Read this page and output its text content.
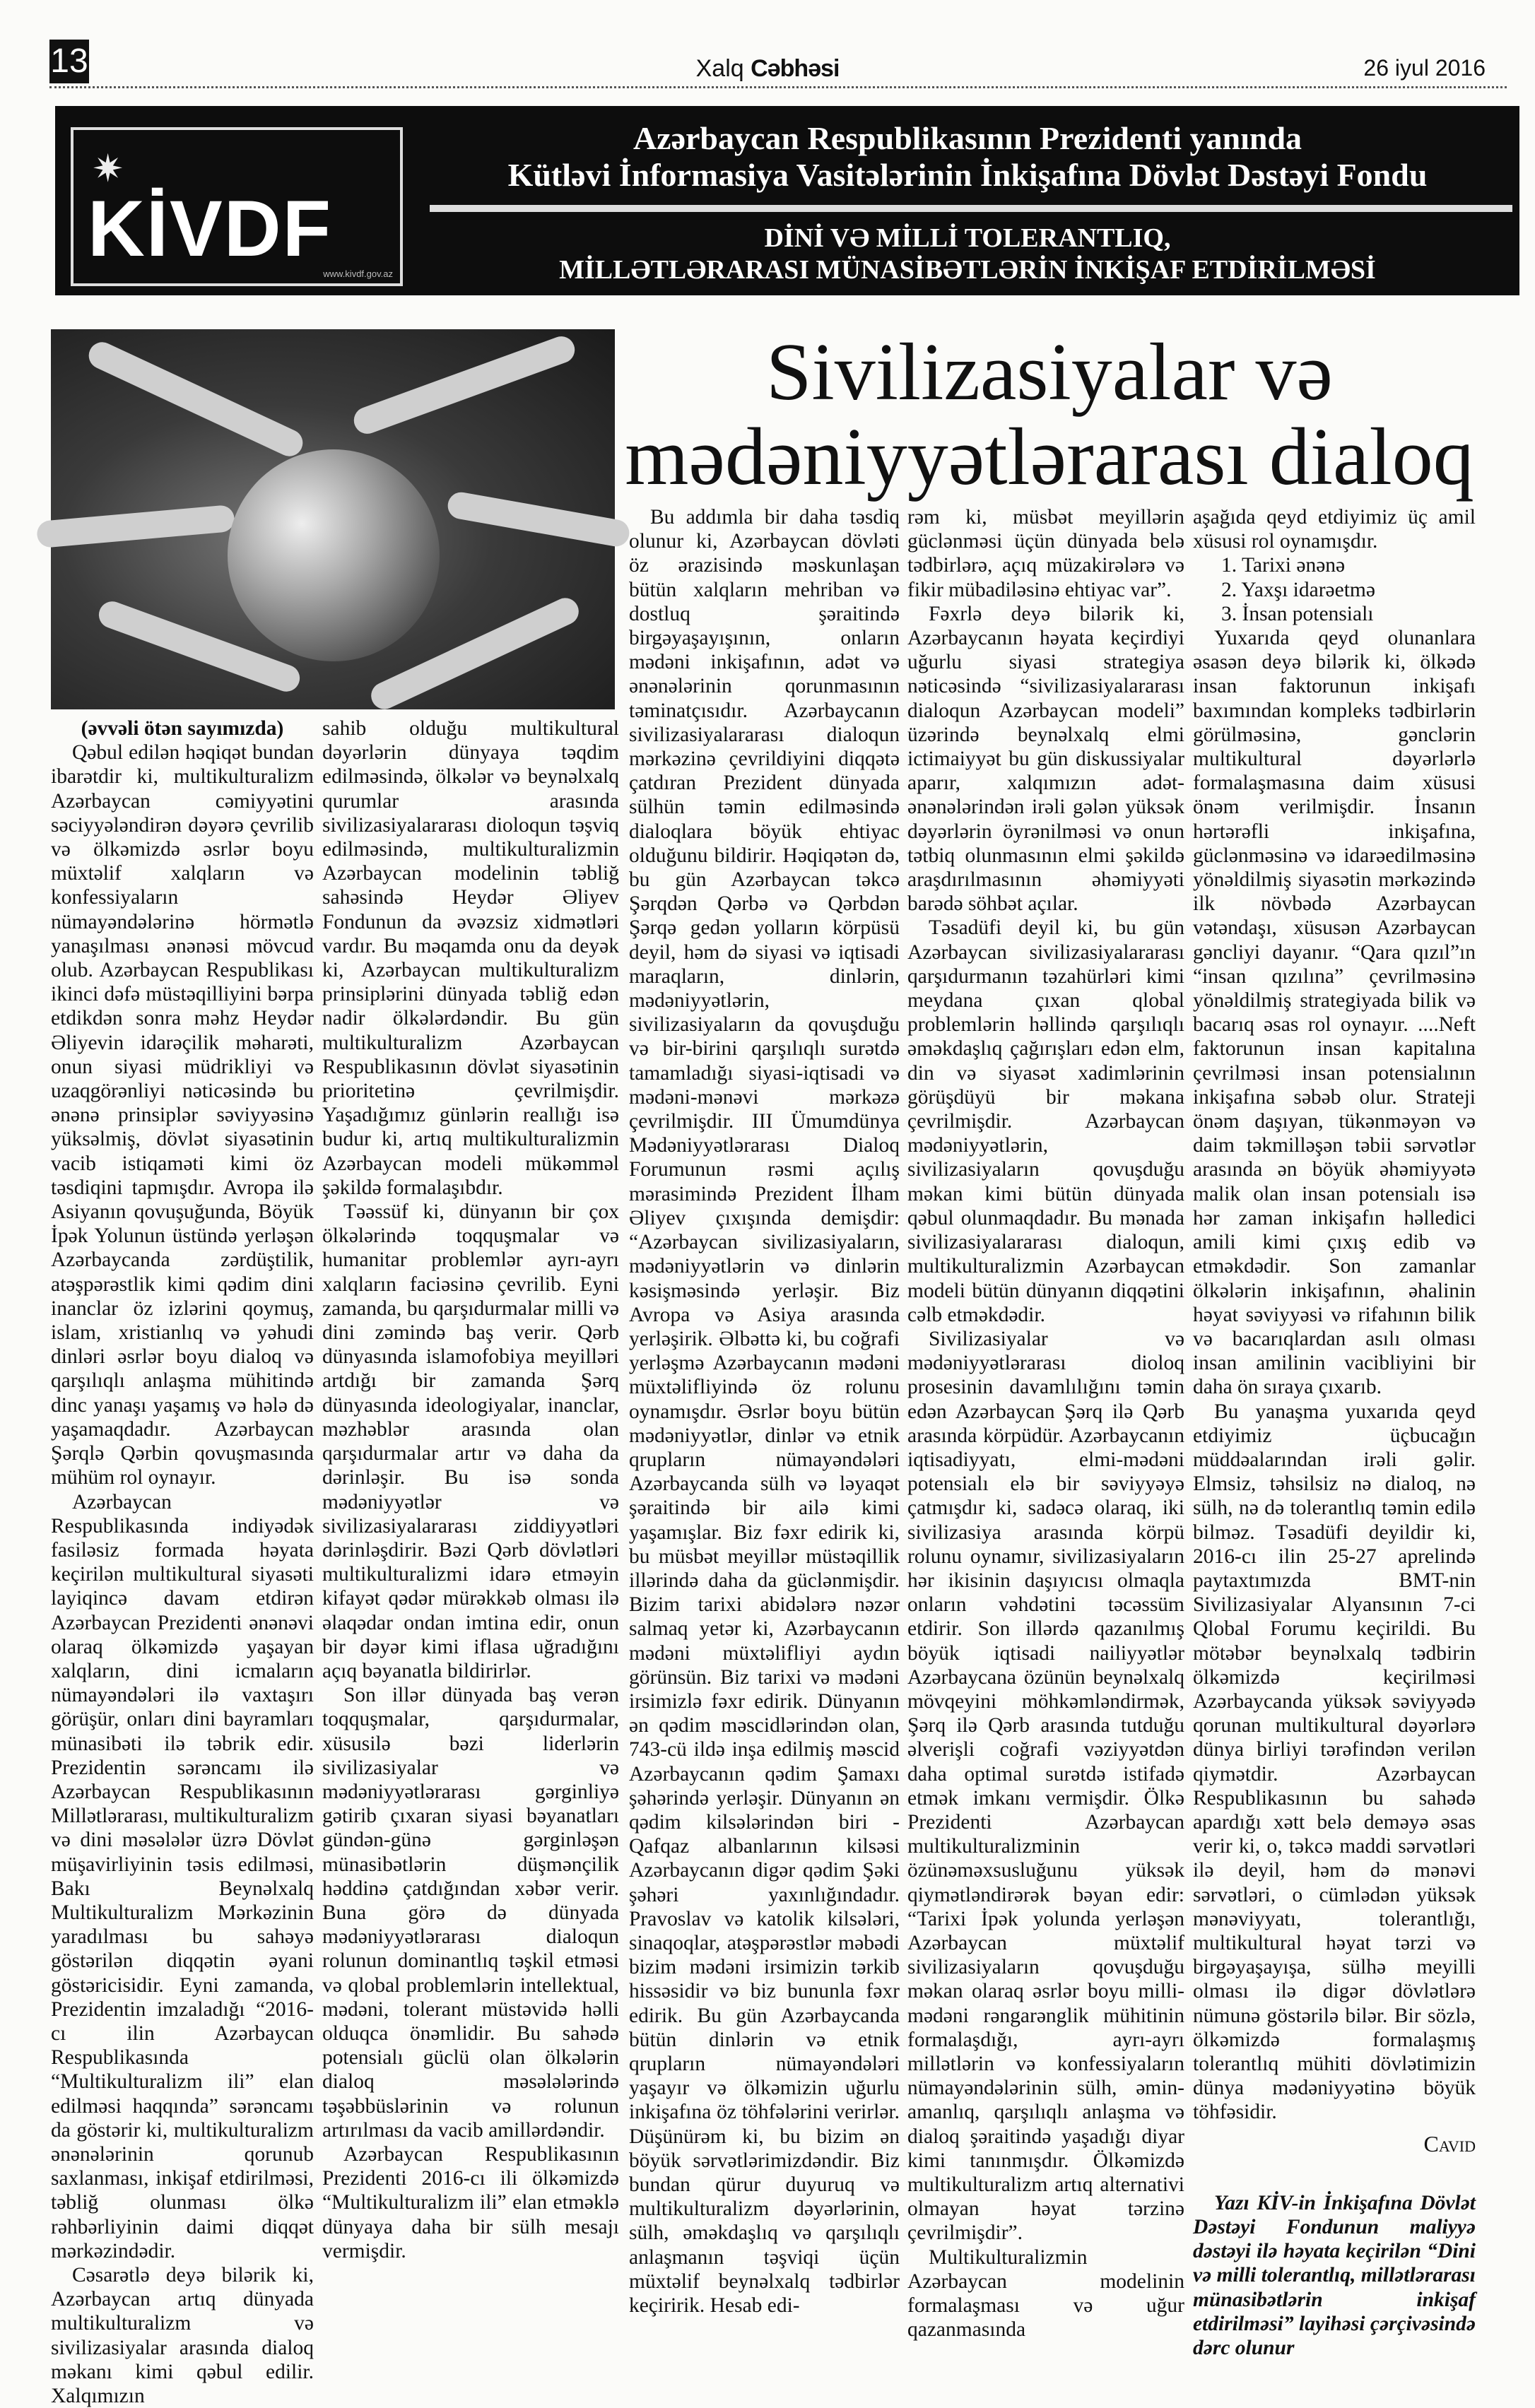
13	Xalq Cəbhəsi	26 iyul 2016
✷
KİVDF
www.kivdf.gov.az
Azərbaycan Respublikasının Prezidenti yanında
Kütləvi İnformasiya Vasitələrinin İnkişafına Dövlət Dəstəyi Fondu
DİNİ VƏ MİLLİ TOLERANTLIQ,
MİLLƏTLƏRARASI MÜNASİBƏTLƏRİN İNKİŞAF ETDİRİLMƏSİ
Sivilizasiyalar və
mədəniyyətlərarası dialoq

(əvvəli ötən sayımızda)

Qəbul edilən həqiqət bundan ibarətdir ki, multikulturalizm Azərbaycan cəmiyyətini səciyyələndirən dəyərə çevrilib və ölkəmizdə əsrlər boyu müxtəlif xalqların və konfessiyaların nümayəndələrinə hörmətlə yanaşılması ənənəsi mövcud olub. Azərbaycan Respublikası ikinci dəfə müstəqilliyini bərpa etdikdən sonra məhz Heydər Əliyevin idarəçilik məharəti, onun siyasi müdrikliyi və uzaqgörənliyi nəticəsində bu ənənə prinsiplər səviyyəsinə yüksəlmiş, dövlət siyasətinin vacib istiqaməti kimi öz təsdiqini tapmışdır. Avropa ilə Asiyanın qovuşuğunda, Böyük İpək Yolunun üstündə yerləşən Azərbaycanda zərdüştilik, atəşpərəstlik kimi qədim dini inanclar öz izlərini qoymuş, islam, xristianlıq və yəhudi dinləri əsrlər boyu dialoq və qarşılıqlı anlaşma mühitində dinc yanaşı yaşamış və hələ də yaşamaqdadır. Azərbaycan Şərqlə Qərbin qovuşmasında mühüm rol oynayır.

Azərbaycan Respublikasında indiyədək fasiləsiz formada həyata keçirilən multikultural siyasəti layiqincə davam etdirən Azərbaycan Prezidenti ənənəvi olaraq ölkəmizdə yaşayan xalqların, dini icmaların nümayəndələri ilə vaxtaşırı görüşür, onları dini bayramları münasibəti ilə təbrik edir. Prezidentin sərəncamı ilə Azərbaycan Respublikasının Millətlərarası, multikulturalizm və dini məsələlər üzrə Dövlət müşavirliyinin təsis edilməsi, Bakı Beynəlxalq Multikulturalizm Mərkəzinin yaradılması bu sahəyə göstərilən diqqətin əyani göstəricisidir. Eyni zamanda, Prezidentin imzaladığı “2016-cı ilin Azərbaycan Respublikasında “Multikulturalizm ili” elan edilməsi haqqında” sərəncamı da göstərir ki, multikulturalizm ənənələrinin qorunub saxlanması, inkişaf etdirilməsi, təbliğ olunması ölkə rəhbərliyinin daimi diqqət mərkəzindədir.

Cəsarətlə deyə bilərik ki, Azərbaycan artıq dünyada multikulturalizm və sivilizasiyalar arasında dialoq məkanı kimi qəbul edilir. Xalqımızın

sahib olduğu multikultural dəyərlərin dünyaya təqdim edilməsində, ölkələr və beynəlxalq qurumlar arasında sivilizasiyalararası dioloqun təşviq edilməsində, multikulturalizmin Azərbaycan modelinin təbliğ sahəsində Heydər Əliyev Fondunun da əvəzsiz xidmətləri vardır. Bu məqamda onu da deyək ki, Azərbaycan multikulturalizm prinsiplərini dünyada təbliğ edən nadir ölkələrdəndir. Bu gün multikulturalizm Azərbaycan Respublikasının dövlət siyasətinin prioritetinə çevrilmişdir. Yaşadığımız günlərin reallığı isə budur ki, artıq multikulturalizmin Azərbaycan modeli mükəmməl şəkildə formalaşıbdır.

Təəssüf ki, dünyanın bir çox ölkələrində toqquşmalar və humanitar problemlər ayrı-ayrı xalqların faciəsinə çevrilib. Eyni zamanda, bu qarşıdurmalar milli və dini zəmində baş verir. Qərb dünyasında islamofobiya meyilləri artdığı bir zamanda Şərq dünyasında ideologiyalar, inanclar, məzhəblər arasında olan qarşıdurmalar artır və daha da dərinləşir. Bu isə sonda mədəniyyətlər və sivilizasiyalararası ziddiyyətləri dərinləşdirir. Bəzi Qərb dövlətləri multikulturalizmi idarə etməyin kifayət qədər mürəkkəb olması ilə əlaqədar ondan imtina edir, onun bir dəyər kimi iflasa uğradığını açıq bəyanatla bildirirlər.

Son illər dünyada baş verən toqquşmalar, qarşıdurmalar, xüsusilə bəzi liderlərin sivilizasiyalar və mədəniyyətlərarası gərginliyə gətirib çıxaran siyasi bəyanatları gündən-günə gərginləşən münasibətlərin düşmənçilik həddinə çatdığından xəbər verir. Buna görə də dünyada mədəniyyətlərarası dialoqun rolunun dominantlıq təşkil etməsi və qlobal problemlərin intellektual, mədəni, tolerant müstəvidə həlli olduqca önəmlidir. Bu sahədə potensialı güclü olan ölkələrin dialoq məsələlərində təşəbbüslərinin və rolunun artırılması da vacib amillərdəndir.

Azərbaycan Respublikasının Prezidenti 2016-cı ili ölkəmizdə “Multikulturalizm ili” elan etməklə dünyaya daha bir sülh mesajı vermişdir.

Bu addımla bir daha təsdiq olunur ki, Azərbaycan dövləti öz ərazisində məskunlaşan bütün xalqların mehriban və dostluq şəraitində birgəyaşayışının, onların mədəni inkişafının, adət və ənənələrinin qorunmasının təminatçısıdır. Azərbaycanın sivilizasiyalararası dialoqun mərkəzinə çevrildiyini diqqətə çatdıran Prezident dünyada sülhün təmin edilməsində dialoqlara böyük ehtiyac olduğunu bildirir. Həqiqətən də, bu gün Azərbaycan təkcə Şərqdən Qərbə və Qərbdən Şərqə gedən yolların körpüsü deyil, həm də siyasi və iqtisadi maraqların, dinlərin, mədəniyyətlərin, sivilizasiyaların da qovuşduğu və bir-birini qarşılıqlı surətdə tamamladığı siyasi-iqtisadi və mədəni-mənəvi mərkəzə çevrilmişdir. III Ümumdünya Mədəniyyətlərarası Dialoq Forumunun rəsmi açılış mərasimində Prezident İlham Əliyev çıxışında demişdir: “Azərbaycan sivilizasiyaların, mədəniyyətlərin və dinlərin kəsişməsində yerləşir. Biz Avropa və Asiya arasında yerləşirik. Əlbəttə ki, bu coğrafi yerləşmə Azərbaycanın mədəni müxtəlifliyində öz rolunu oynamışdır. Əsrlər boyu bütün mədəniyyətlər, dinlər və etnik qrupların nümayəndələri Azərbaycanda sülh və ləyaqət şəraitində bir ailə kimi yaşamışlar. Biz fəxr edirik ki, bu müsbət meyillər müstəqillik illərində daha da güclənmişdir. Bizim tarixi abidələrə nəzər salmaq yetər ki, Azərbaycanın mədəni müxtəlifliyi aydın görünsün. Biz tarixi və mədəni irsimizlə fəxr edirik. Dünyanın ən qədim məscidlərindən olan, 743-cü ildə inşa edilmiş məscid Azərbaycanın qədim Şamaxı şəhərində yerləşir. Dünyanın ən qədim kilsələrindən biri - Qafqaz albanlarının kilsəsi Azərbaycanın digər qədim Şəki şəhəri yaxınlığındadır. Pravoslav və katolik kilsələri, sinaqoqlar, atəşpərəstlər məbədi bizim mədəni irsimizin tərkib hissəsidir və biz bununla fəxr edirik. Bu gün Azərbaycanda bütün dinlərin və etnik qrupların nümayəndələri yaşayır və ölkəmizin uğurlu inkişafına öz töhfələrini verirlər. Düşünürəm ki, bu bizim ən böyük sərvətlərimizdəndir. Biz bundan qürur duyuruq və multikulturalizm dəyərlərinin, sülh, əməkdaşlıq və qarşılıqlı anlaşmanın təşviqi üçün müxtəlif beynəlxalq tədbirlər keçiririk. Hesab edi-

rəm ki, müsbət meyillərin güclənməsi üçün dünyada belə tədbirlərə, açıq müzakirələrə və fikir mübadiləsinə ehtiyac var”.

Fəxrlə deyə bilərik ki, Azərbaycanın həyata keçirdiyi uğurlu siyasi strategiya nəticəsində “sivilizasiyalararası dialoqun Azərbaycan modeli” üzərində beynəlxalq elmi ictimaiyyət bu gün diskussiyalar aparır, xalqımızın adət-ənənələrindən irəli gələn yüksək dəyərlərin öyrənilməsi və onun tətbiq olunmasının elmi şəkildə araşdırılmasının əhəmiyyəti barədə söhbət açılar.

Təsadüfi deyil ki, bu gün Azərbaycan sivilizasiyalararası qarşıdurmanın təzahürləri kimi meydana çıxan qlobal problemlərin həllində qarşılıqlı əməkdaşlıq çağırışları edən elm, din və siyasət xadimlərinin görüşdüyü bir məkana çevrilmişdir. Azərbaycan mədəniyyətlərin, sivilizasiyaların qovuşduğu məkan kimi bütün dünyada qəbul olunmaqdadır. Bu mənada sivilizasiyalararası dialoqun, multikulturalizmin Azərbaycan modeli bütün dünyanın diqqətini cəlb etməkdədir.

Sivilizasiyalar və mədəniyyətlərarası dioloq prosesinin davamlılığını təmin edən Azərbaycan Şərq ilə Qərb arasında körpüdür. Azərbaycanın iqtisadiyyatı, elmi-mədəni potensialı elə bir səviyyəyə çatmışdır ki, sadəcə olaraq, iki sivilizasiya arasında körpü rolunu oynamır, sivilizasiyaların hər ikisinin daşıyıcısı olmaqla onların vəhdətini təcəssüm etdirir. Son illərdə qazanılmış böyük iqtisadi nailiyyətlər Azərbaycana özünün beynəlxalq mövqeyini möhkəmləndirmək, Şərq ilə Qərb arasında tutduğu əlverişli coğrafi vəziyyətdən daha optimal surətdə istifadə etmək imkanı vermişdir. Ölkə Prezidenti Azərbaycan multikulturalizminin özünəməxsusluğunu yüksək qiymətləndirərək bəyan edir: “Tarixi İpək yolunda yerləşən Azərbaycan müxtəlif sivilizasiyaların qovuşduğu məkan olaraq əsrlər boyu milli-mədəni rəngarənglik mühitinin formalaşdığı, ayrı-ayrı millətlərin və konfessiyaların nümayəndələrinin sülh, əmin-amanlıq, qarşılıqlı anlaşma və dialoq şəraitində yaşadığı diyar kimi tanınmışdır. Ölkəmizdə multikulturalizm artıq alternativi olmayan həyat tərzinə çevrilmişdir”.

Multikulturalizmin Azərbaycan modelinin formalaşması və uğur qazanmasında

aşağıda qeyd etdiyimiz üç amil xüsusi rol oynamışdır.

1. Tarixi ənənə

2. Yaxşı idarəetmə

3. İnsan potensialı

Yuxarıda qeyd olunanlara əsasən deyə bilərik ki, ölkədə insan faktorunun inkişafı baxımından kompleks tədbirlərin görülməsinə, gənclərin multikultural dəyərlərlə formalaşmasına daim xüsusi önəm verilmişdir. İnsanın hərtərəfli inkişafına, güclənməsinə və idarəedilməsinə yönəldilmiş siyasətin mərkəzində ilk növbədə Azərbaycan vətəndaşı, xüsusən Azərbaycan gəncliyi dayanır. “Qara qızıl”ın “insan qızılına” çevrilməsinə yönəldilmiş strategiyada bilik və bacarıq əsas rol oynayır. ....Neft faktorunun insan kapitalına çevrilməsi insan potensialının inkişafına səbəb olur. Strateji önəm daşıyan, tükənməyən və daim təkmilləşən təbii sərvətlər arasında ən böyük əhəmiyyətə malik olan insan potensialı isə hər zaman inkişafın həlledici amili kimi çıxış edib və etməkdədir. Son zamanlar ölkələrin inkişafının, əhalinin həyat səviyyəsi və rifahının bilik və bacarıqlardan asılı olması insan amilinin vacibliyini bir daha ön sıraya çıxarıb.

Bu yanaşma yuxarıda qeyd etdiyimiz üçbucağın müddəalarından irəli gəlir. Elmsiz, təhsilsiz nə dialoq, nə sülh, nə də tolerantlıq təmin edilə bilməz. Təsadüfi deyildir ki, 2016-cı ilin 25-27 aprelində paytaxtımızda BMT-nin Sivilizasiyalar Alyansının 7-ci Qlobal Forumu keçirildi. Bu mötəbər beynəlxalq tədbirin ölkəmizdə keçirilməsi Azərbaycanda yüksək səviyyədə qorunan multikultural dəyərlərə dünya birliyi tərəfindən verilən qiymətdir. Azərbaycan Respublikasının bu sahədə apardığı xətt belə deməyə əsas verir ki, o, təkcə maddi sərvətləri ilə deyil, həm də mənəvi sərvətləri, o cümlədən yüksək mənəviyyatı, tolerantlığı, multikultural həyat tərzi və birgəyaşayışa, sülhə meyilli olması ilə digər dövlətlərə nümunə göstərilə bilər. Bir sözlə, ölkəmizdə formalaşmış tolerantlıq mühiti dövlətimizin dünya mədəniyyətinə böyük töhfəsidir.

Cavid

Yazı KİV-in İnkişafına Dövlət Dəstəyi Fondunun maliyyə dəstəyi ilə həyata keçirilən “Dini və milli tolerantlıq, millətlərarası münasibətlərin inkişaf etdirilməsi” layihəsi çərçivəsində dərc olunur
